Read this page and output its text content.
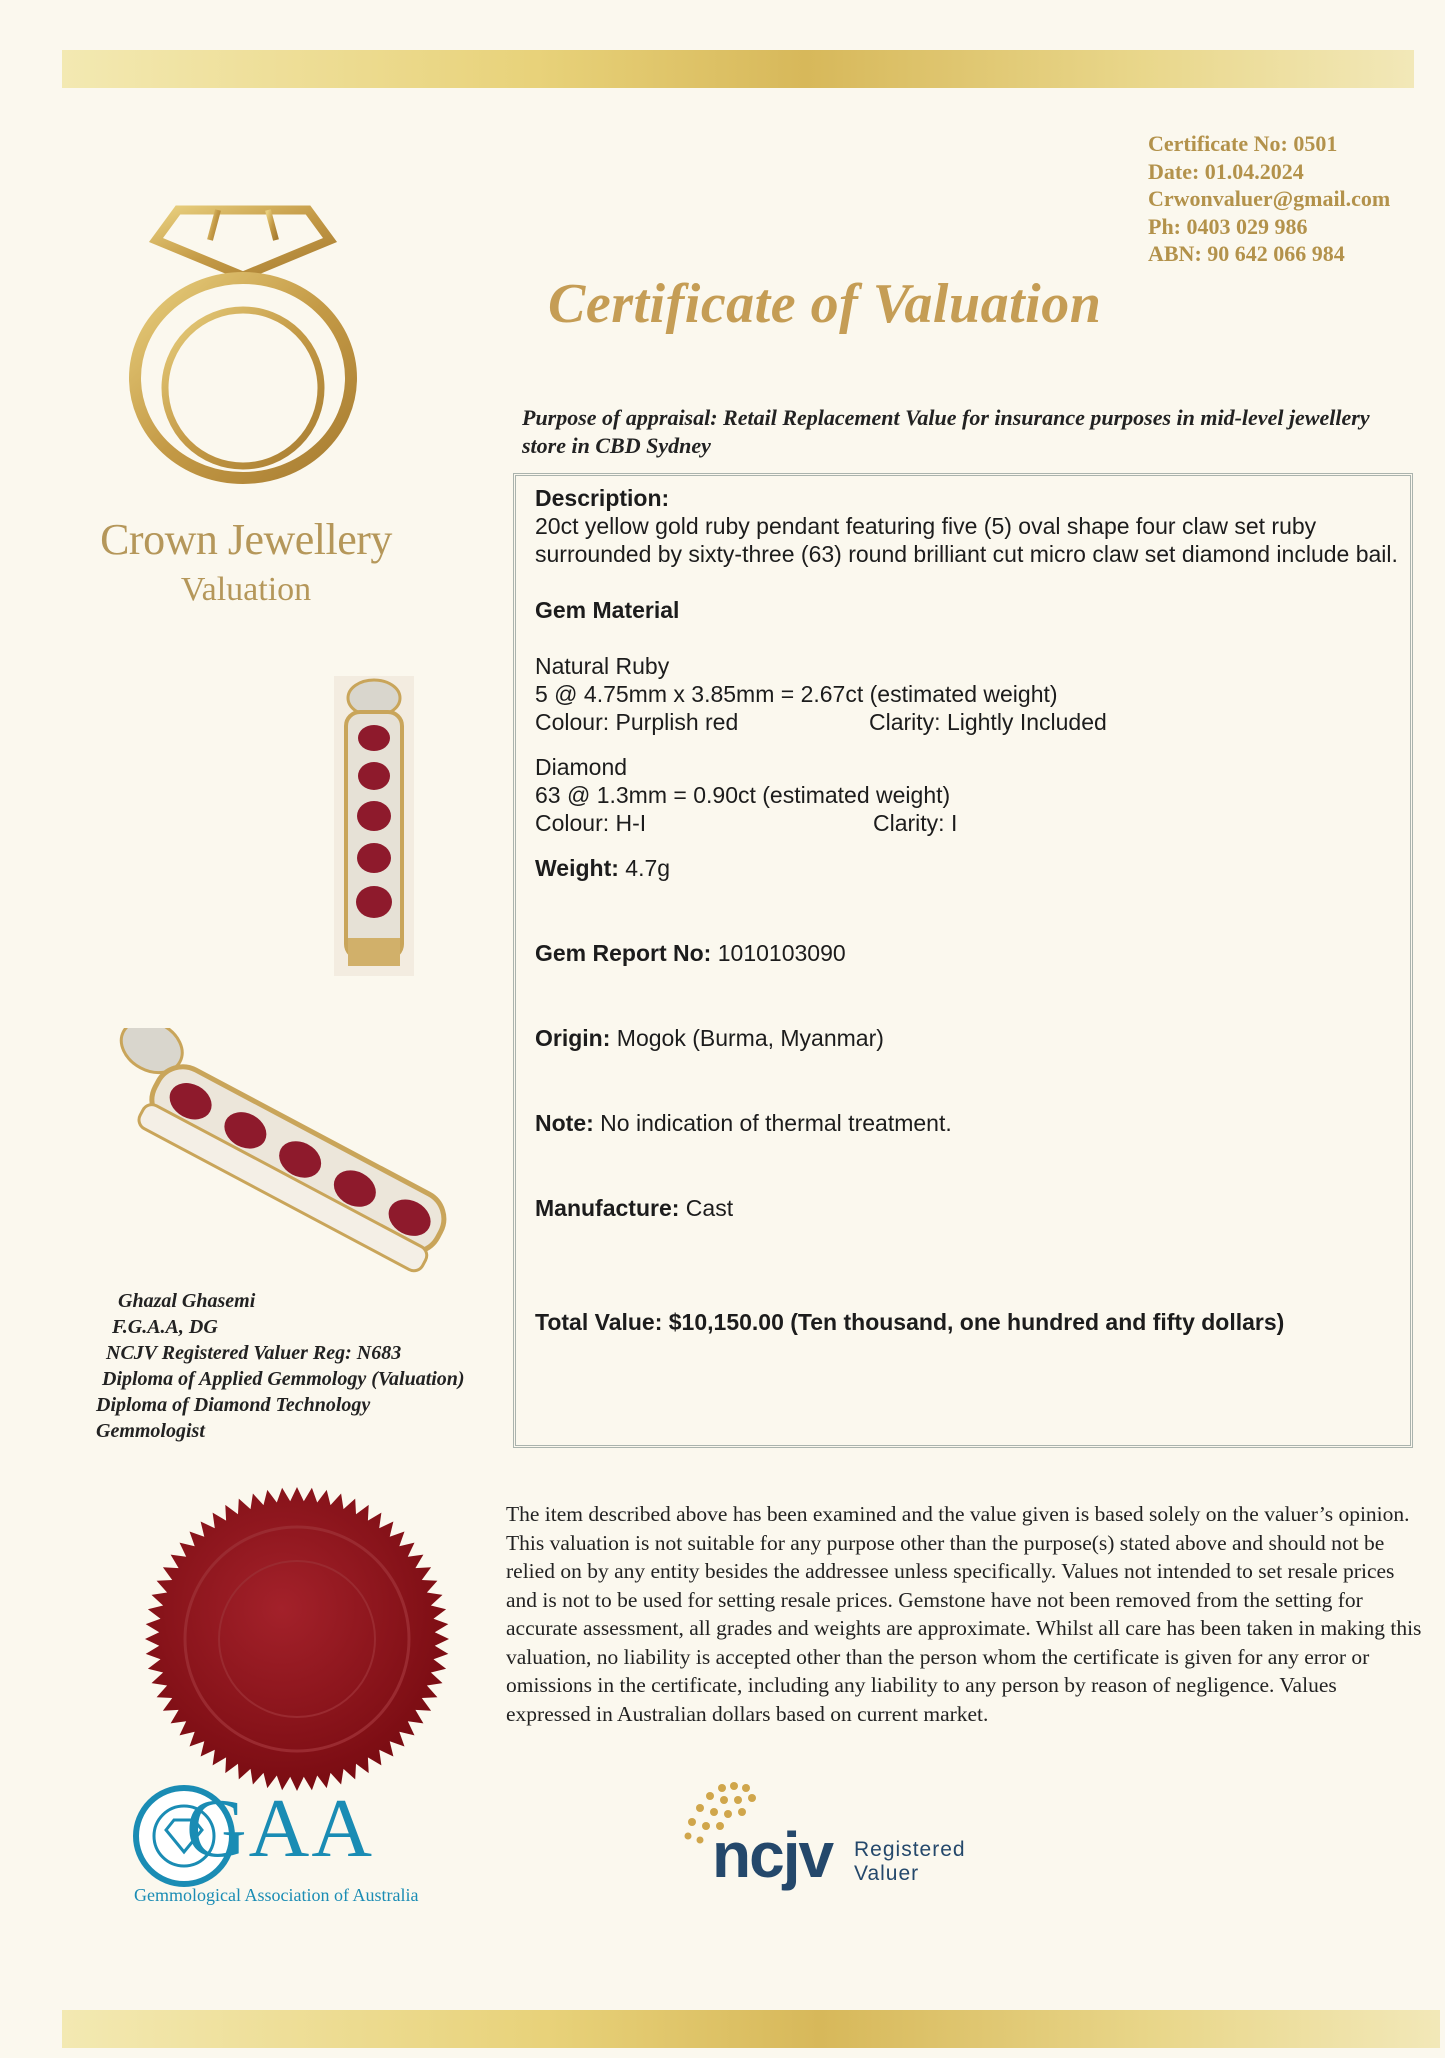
Certificate No: 0501
Date: 01.04.2024
Crwonvaluer@gmail.com
Ph: 0403 029 986
ABN: 90 642 066 984
Crown Jewellery
Valuation
Certificate of Valuation
Purpose of appraisal: Retail Replacement Value for insurance purposes in mid-level jewellery store in CBD Sydney
Description:
20ct yellow gold ruby pendant featuring five (5) oval shape four claw set ruby surrounded by sixty-three (63) round brilliant cut micro claw set diamond include bail.
Gem Material
Natural Ruby
5 @ 4.75mm x 3.85mm = 2.67ct (estimated weight)
Colour: Purplish red	Clarity: Lightly Included
Diamond
63 @ 1.3mm = 0.90ct (estimated weight)
Colour: H-I	Clarity: I
Weight: 4.7g
Gem Report No: 1010103090
Origin: Mogok (Burma, Myanmar)
Note: No indication of thermal treatment.
Manufacture: Cast
Total Value: $10,150.00 (Ten thousand, one hundred and fifty dollars)
Ghazal Ghasemi
F.G.A.A, DG
NCJV Registered Valuer Reg: N683
Diploma of Applied Gemmology (Valuation)
Diploma of Diamond Technology
Gemmologist
GAA
Gemmological Association of Australia
The item described above has been examined and the value given is based solely on the valuer’s opinion. This valuation is not suitable for any purpose other than the purpose(s) stated above and should not be relied on by any entity besides the addressee unless specifically. Values not intended to set resale prices and is not to be used for setting resale prices. Gemstone have not been removed from the setting for accurate assessment, all grades and weights are approximate. Whilst all care has been taken in making this valuation, no liability is accepted other than the person whom the certificate is given for any error or omissions in the certificate, including any liability to any person by reason of negligence. Values expressed in Australian dollars based on current market.
ncjv Registered
Valuer
